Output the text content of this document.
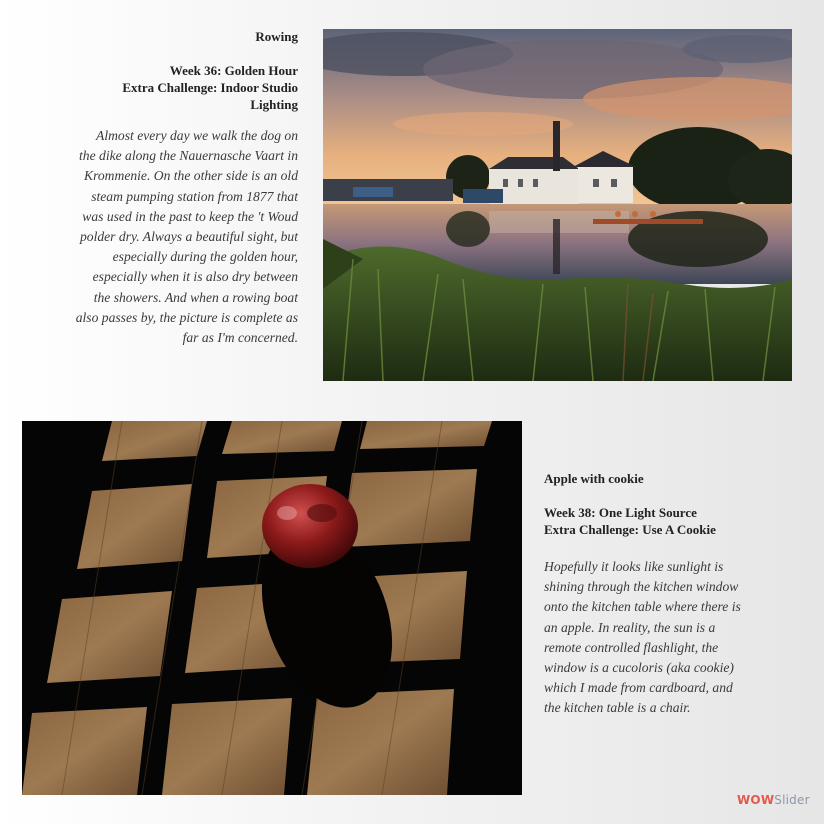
Rowing

Week 36: Golden Hour

Extra Challenge: Indoor Studio
Lighting

Almost every day we walk the dog on
the dike along the Nauernasche Vaart in
Krommenie. On the other side is an old
steam pumping station from 1877 that
was used in the past to keep the 't Woud
polder dry. Always a beautiful sight, but
especially during the golden hour,
especially when it is also dry between
the showers. And when a rowing boat
also passes by, the picture is complete as
far as I'm concerned.

Apple with cookie

Week 38: One Light Source

Extra Challenge: Use A Cookie

Hopefully it looks like sunlight is
shining through the kitchen window
onto the kitchen table where there is
an apple. In reality, the sun is a
remote controlled flashlight, the
window is a cucoloris (aka cookie)
which I made from cardboard, and
the kitchen table is a chair.

WOWSlider
